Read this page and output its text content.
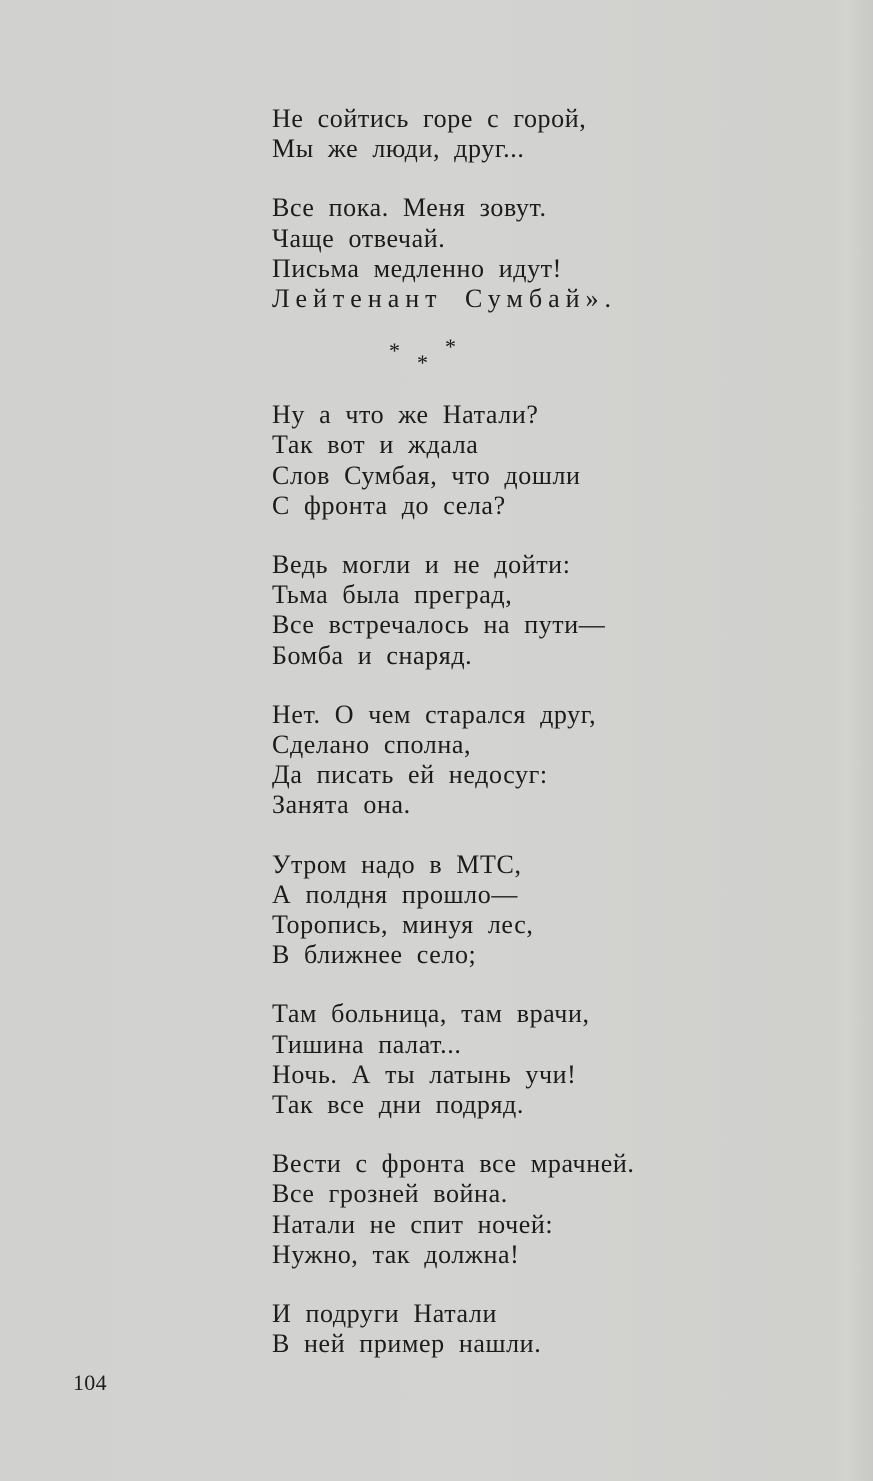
Не сойтись горе с горой,
Мы же люди, друг...
Все пока. Меня зовут.
Чаще отвечай.
Письма медленно идут!
Лейтенант Сумбай».
* *
*
Ну а что же Натали?
Так вот и ждала
Слов Сумбая, что дошли
С фронта до села?
Ведь могли и не дойти:
Тьма была преград,
Все встречалось на пути—
Бомба и снаряд.
Нет. О чем старался друг,
Сделано сполна,
Да писать ей недосуг:
Занята она.
Утром надо в МТС,
А полдня прошло—
Торопись, минуя лес,
В ближнее село;
Там больница, там врачи,
Тишина палат...
Ночь. А ты латынь учи!
Так все дни подряд.
Вести с фронта все мрачней.
Все грозней война.
Натали не спит ночей:
Нужно, так должна!
И подруги Натали
В ней пример нашли.
104
